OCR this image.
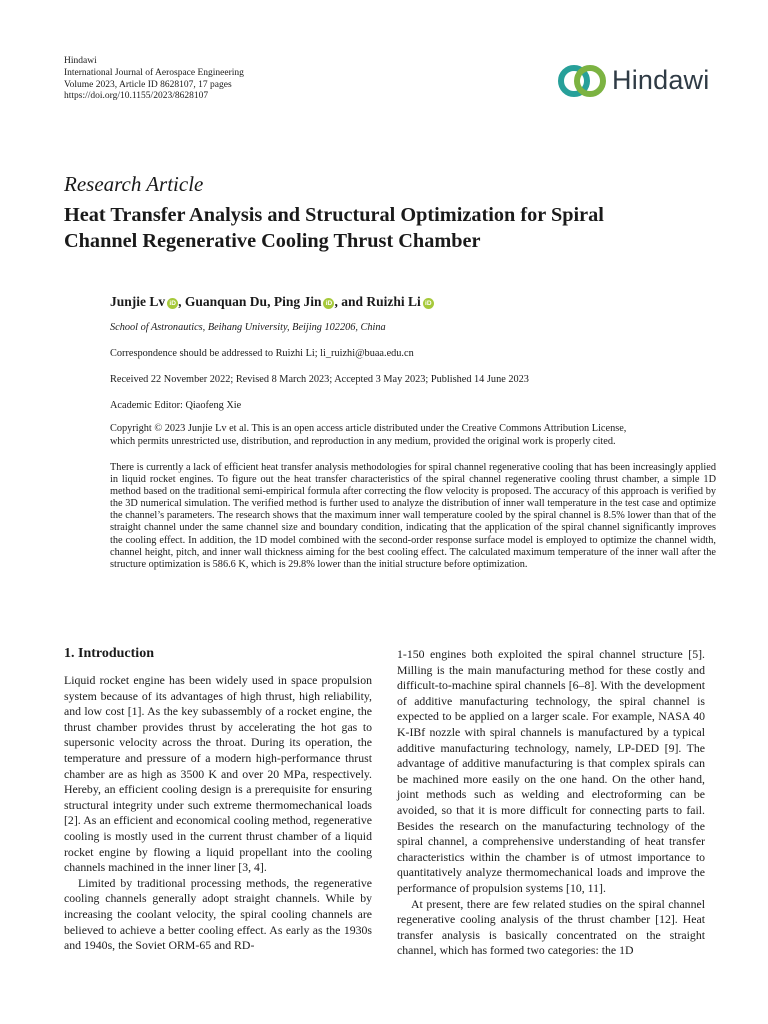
Hindawi
International Journal of Aerospace Engineering
Volume 2023, Article ID 8628107, 17 pages
https://doi.org/10.1155/2023/8628107
Hindawi
Research Article
Heat Transfer Analysis and Structural Optimization for Spiral
Channel Regenerative Cooling Thrust Chamber
Junjie Lv iD , Guanquan Du, Ping Jin iD , and Ruizhi Li iD
School of Astronautics, Beihang University, Beijing 102206, China
Correspondence should be addressed to Ruizhi Li; li_ruizhi@buaa.edu.cn
Received 22 November 2022; Revised 8 March 2023; Accepted 3 May 2023; Published 14 June 2023
Academic Editor: Qiaofeng Xie
Copyright © 2023 Junjie Lv et al. This is an open access article distributed under the Creative Commons Attribution License,
which permits unrestricted use, distribution, and reproduction in any medium, provided the original work is properly cited.
There is currently a lack of efficient heat transfer analysis methodologies for spiral channel regenerative cooling that has been increasingly applied in liquid rocket engines. To figure out the heat transfer characteristics of the spiral channel regenerative cooling thrust chamber, a simple 1D method based on the traditional semi-empirical formula after correcting the flow velocity is proposed. The accuracy of this approach is verified by the 3D numerical simulation. The verified method is further used to analyze the distribution of inner wall temperature in the test case and optimize the channel’s parameters. The research shows that the maximum inner wall temperature cooled by the spiral channel is 8.5% lower than that of the straight channel under the same channel size and boundary condition, indicating that the application of the spiral channel significantly improves the cooling effect. In addition, the 1D model combined with the second-order response surface model is employed to optimize the channel width, channel height, pitch, and inner wall thickness aiming for the best cooling effect. The calculated maximum temperature of the inner wall after the structure optimization is 586.6 K, which is 29.8% lower than the initial structure before optimization.
1. Introduction

Liquid rocket engine has been widely used in space propulsion system because of its advantages of high thrust, high reliability, and low cost [1]. As the key subassembly of a rocket engine, the thrust chamber provides thrust by accelerating the hot gas to supersonic velocity across the throat. During its operation, the temperature and pressure of a modern high-performance thrust chamber are as high as 3500 K and over 20 MPa, respectively. Hereby, an efficient cooling design is a prerequisite for ensuring structural integrity under such extreme thermomechanical loads [2]. As an efficient and economical cooling method, regenerative cooling is mostly used in the current thrust chamber of a liquid rocket engine by flowing a liquid propellant into the cooling channels machined in the inner liner [3, 4].

Limited by traditional processing methods, the regenerative cooling channels generally adopt straight channels. While by increasing the coolant velocity, the spiral cooling channels are believed to achieve a better cooling effect. As early as the 1930s and 1940s, the Soviet ORM-65 and RD-

1-150 engines both exploited the spiral channel structure [5]. Milling is the main manufacturing method for these costly and difficult-to-machine spiral channels [6–8]. With the development of additive manufacturing technology, the spiral channel is expected to be applied on a larger scale. For example, NASA 40 K-IBf nozzle with spiral channels is manufactured by a typical additive manufacturing technology, namely, LP-DED [9]. The advantage of additive manufacturing is that complex spirals can be machined more easily on the one hand. On the other hand, joint methods such as welding and electroforming can be avoided, so that it is more difficult for connecting parts to fail. Besides the research on the manufacturing technology of the spiral channel, a comprehensive understanding of heat transfer characteristics within the chamber is of utmost importance to quantitatively analyze thermomechanical loads and improve the performance of propulsion systems [10, 11].

At present, there are few related studies on the spiral channel regenerative cooling analysis of the thrust chamber [12]. Heat transfer analysis is basically concentrated on the straight channel, which has formed two categories: the 1D
